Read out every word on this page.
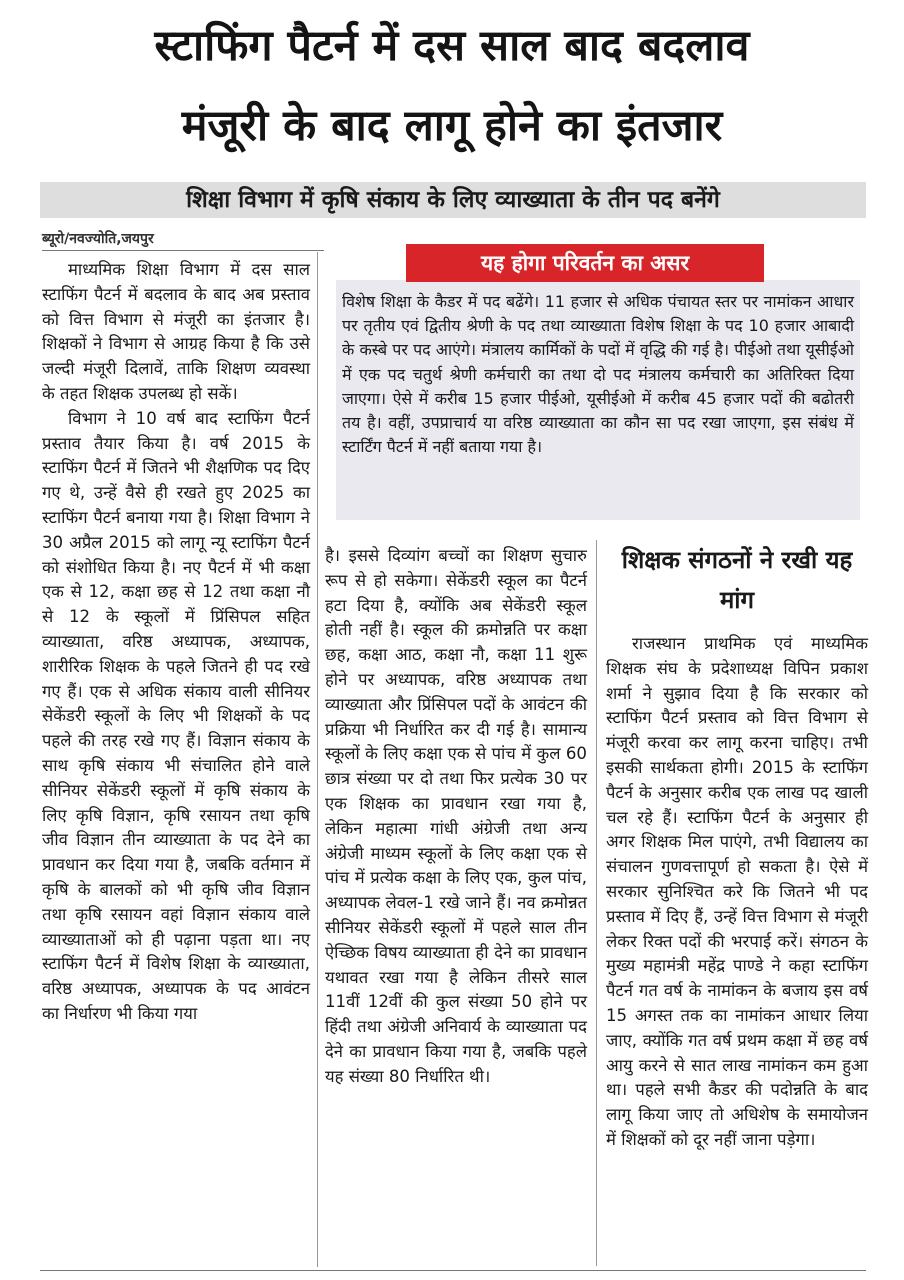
स्टाफिंग पैटर्न में दस साल बाद बदलाव
मंजूरी के बाद लागू होने का इंतजार
शिक्षा विभाग में कृषि संकाय के लिए व्याख्याता के तीन पद बनेंगे
ब्यूरो/नवज्योति,जयपुर

माध्यमिक शिक्षा विभाग में दस साल स्टाफिंग पैटर्न में बदलाव के बाद अब प्रस्ताव को वित्त विभाग से मंजूरी का इंतजार है। शिक्षकों ने विभाग से आग्रह किया है कि उसे जल्दी मंजूरी दिलावें, ताकि शिक्षण व्यवस्था के तहत शिक्षक उपलब्ध हो सकें।

विभाग ने 10 वर्ष बाद स्टाफिंग पैटर्न प्रस्ताव तैयार किया है। वर्ष 2015 के स्टाफिंग पैटर्न में जितने भी शैक्षणिक पद दिए गए थे, उन्हें वैसे ही रखते हुए 2025 का स्टाफिंग पैटर्न बनाया गया है। शिक्षा विभाग ने 30 अप्रैल 2015 को लागू न्यू स्टाफिंग पैटर्न को संशोधित किया है। नए पैटर्न में भी कक्षा एक से 12, कक्षा छह से 12 तथा कक्षा नौ से 12 के स्कूलों में प्रिंसिपल सहित व्याख्याता, वरिष्ठ अध्यापक, अध्यापक, शारीरिक शिक्षक के पहले जितने ही पद रखे गए हैं। एक से अधिक संकाय वाली सीनियर सेकेंडरी स्कूलों के लिए भी शिक्षकों के पद पहले की तरह रखे गए हैं। विज्ञान संकाय के साथ कृषि संकाय भी संचालित होने वाले सीनियर सेकेंडरी स्कूलों में कृषि संकाय के लिए कृषि विज्ञान, कृषि रसायन तथा कृषि जीव विज्ञान तीन व्याख्याता के पद देने का प्रावधान कर दिया गया है, जबकि वर्तमान में कृषि के बालकों को भी कृषि जीव विज्ञान तथा कृषि रसायन वहां विज्ञान संकाय वाले व्याख्याताओं को ही पढ़ाना पड़ता था। नए स्टाफिंग पैटर्न में विशेष शिक्षा के व्याख्याता, वरिष्ठ अध्यापक, अध्यापक के पद आवंटन का निर्धारण भी किया गया

यह होगा परिवर्तन का असर
विशेष शिक्षा के कैडर में पद बढेंगे। 11 हजार से अधिक पंचायत स्तर पर नामांकन आधार पर तृतीय एवं द्वितीय श्रेणी के पद तथा व्याख्याता विशेष शिक्षा के पद 10 हजार आबादी के कस्बे पर पद आएंगे। मंत्रालय कार्मिकों के पदों में वृद्धि की गई है। पीईओ तथा यूसीईओ में एक पद चतुर्थ श्रेणी कर्मचारी का तथा दो पद मंत्रालय कर्मचारी का अतिरिक्त दिया जाएगा। ऐसे में करीब 15 हजार पीईओ, यूसीईओ में करीब 45 हजार पदों की बढोतरी तय है। वहीं, उपप्राचार्य या वरिष्ठ व्याख्याता का कौन सा पद रखा जाएगा, इस संबंध में स्टार्टिंग पैटर्न में नहीं बताया गया है।

है। इससे दिव्यांग बच्चों का शिक्षण सुचारु रूप से हो सकेगा। सेकेंडरी स्कूल का पैटर्न हटा दिया है, क्योंकि अब सेकेंडरी स्कूल होती नहीं है। स्कूल की क्रमोन्नति पर कक्षा छह, कक्षा आठ, कक्षा नौ, कक्षा 11 शुरू होने पर अध्यापक, वरिष्ठ अध्यापक तथा व्याख्याता और प्रिंसिपल पदों के आवंटन की प्रक्रिया भी निर्धारित कर दी गई है। सामान्य स्कूलों के लिए कक्षा एक से पांच में कुल 60 छात्र संख्या पर दो तथा फिर प्रत्येक 30 पर एक शिक्षक का प्रावधान रखा गया है, लेकिन महात्मा गांधी अंग्रेजी तथा अन्य अंग्रेजी माध्यम स्कूलों के लिए कक्षा एक से पांच में प्रत्येक कक्षा के लिए एक, कुल पांच, अध्यापक लेवल-1 रखे जाने हैं। नव क्रमोन्नत सीनियर सेकेंडरी स्कूलों में पहले साल तीन ऐच्छिक विषय व्याख्याता ही देने का प्रावधान यथावत रखा गया है लेकिन तीसरे साल 11वीं 12वीं की कुल संख्या 50 होने पर हिंदी तथा अंग्रेजी अनिवार्य के व्याख्याता पद देने का प्रावधान किया गया है, जबकि पहले यह संख्या 80 निर्धारित थी।

शिक्षक संगठनों ने रखी यह मांग

राजस्थान प्राथमिक एवं माध्यमिक शिक्षक संघ के प्रदेशाध्यक्ष विपिन प्रकाश शर्मा ने सुझाव दिया है कि सरकार को स्टाफिंग पैटर्न प्रस्ताव को वित्त विभाग से मंजूरी करवा कर लागू करना चाहिए। तभी इसकी सार्थकता होगी। 2015 के स्टाफिंग पैटर्न के अनुसार करीब एक लाख पद खाली चल रहे हैं। स्टाफिंग पैटर्न के अनुसार ही अगर शिक्षक मिल पाएंगे, तभी विद्यालय का संचालन गुणवत्तापूर्ण हो सकता है। ऐसे में सरकार सुनिश्चित करे कि जितने भी पद प्रस्ताव में दिए हैं, उन्हें वित्त विभाग से मंजूरी लेकर रिक्त पदों की भरपाई करें। संगठन के मुख्य महामंत्री महेंद्र पाण्डे ने कहा स्टाफिंग पैटर्न गत वर्ष के नामांकन के बजाय इस वर्ष 15 अगस्त तक का नामांकन आधार लिया जाए, क्योंकि गत वर्ष प्रथम कक्षा में छह वर्ष आयु करने से सात लाख नामांकन कम हुआ था। पहले सभी कैडर की पदोन्नति के बाद लागू किया जाए तो अधिशेष के समायोजन में शिक्षकों को दूर नहीं जाना पड़ेगा।
